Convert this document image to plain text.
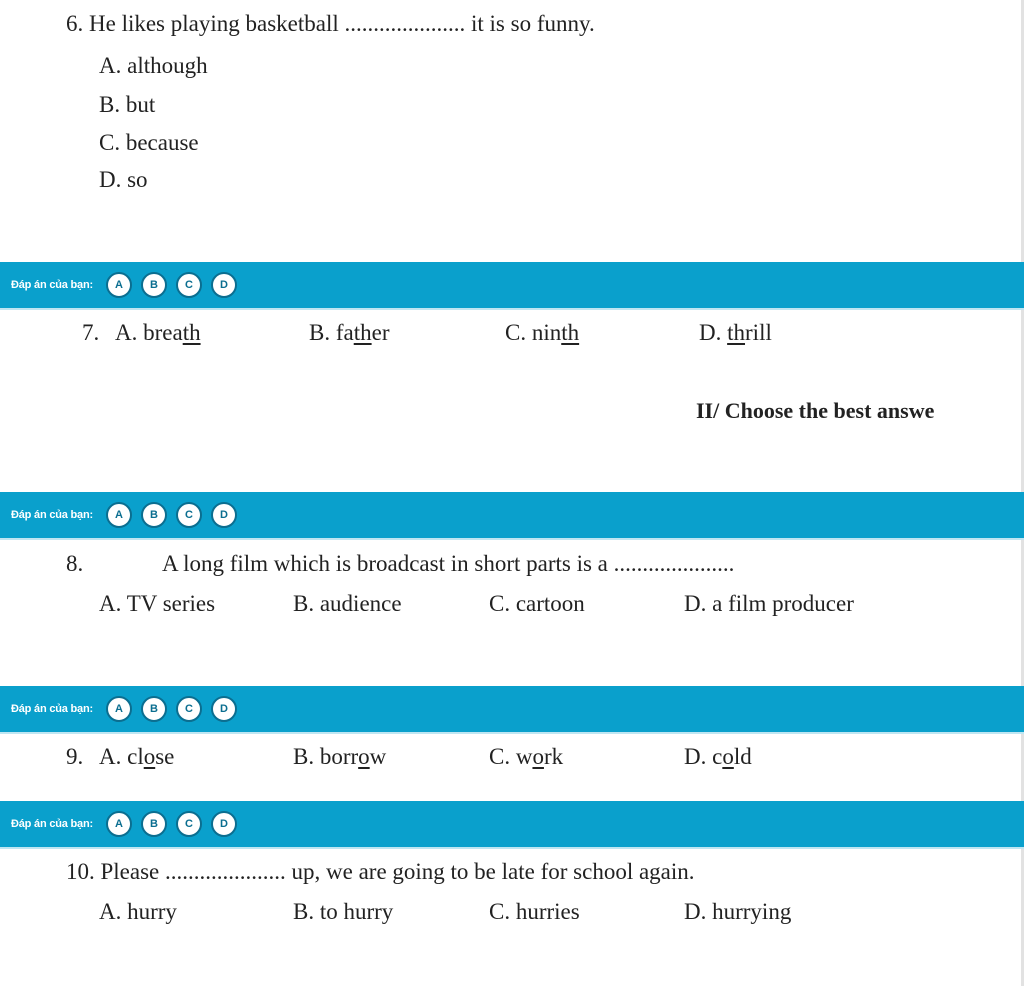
6. He likes playing basketball ..................... it is so funny.
A. although
B. but
C. because
D. so
Đáp án của bạn:	A	B	C	D
7. A. breath	B. father	C. ninth	D. thrill
II/ Choose the best answe
Đáp án của bạn:	A	B	C	D
8.	A long film which is broadcast in short parts is a .....................
A. TV series	B. audience	C. cartoon	D. a film producer
Đáp án của bạn:	A	B	C	D
9. A. close	B. borrow	C. work	D. cold
Đáp án của bạn:	A	B	C	D
10. Please ..................... up, we are going to be late for school again.
A. hurry	B. to hurry	C. hurries	D. hurrying
